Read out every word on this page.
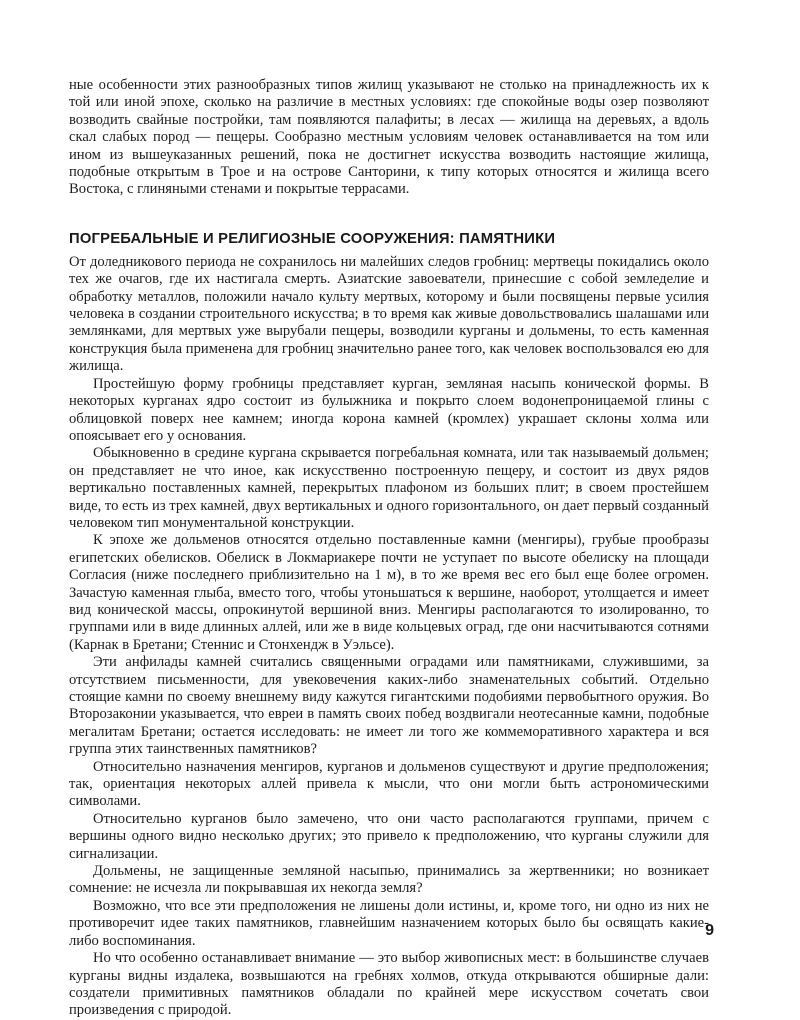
ные особенности этих разнообразных типов жилищ указывают не столько на принадлежность их к той или иной эпохе, сколько на различие в местных условиях: где спокойные воды озер позволяют возводить свайные постройки, там появляются палафиты; в лесах — жилища на деревьях, а вдоль скал слабых пород — пещеры. Сообразно местным условиям человек останавливается на том или ином из вышеуказанных решений, пока не достигнет искусства возводить настоящие жилища, подобные открытым в Трое и на острове Санторини, к типу которых относятся и жилища всего Востока, с глиняными стенами и покрытые террасами.

ПОГРЕБАЛЬНЫЕ И РЕЛИГИОЗНЫЕ СООРУЖЕНИЯ: ПАМЯТНИКИ

От доледникового периода не сохранилось ни малейших следов гробниц: мертвецы покидались около тех же очагов, где их настигала смерть. Азиатские завоеватели, принесшие с собой земледелие и обработку металлов, положили начало культу мертвых, которому и были посвящены первые усилия человека в создании строительного искусства; в то время как живые довольствовались шалашами или землянками, для мертвых уже вырубали пещеры, возводили курганы и дольмены, то есть каменная конструкция была применена для гробниц значительно ранее того, как человек воспользовался ею для жилища.

Простейшую форму гробницы представляет курган, земляная насыпь конической формы. В некоторых курганах ядро состоит из булыжника и покрыто слоем водонепроницаемой глины с облицовкой поверх нее камнем; иногда корона камней (кромлех) украшает склоны холма или опоясывает его у основания.

Обыкновенно в средине кургана скрывается погребальная комната, или так называемый дольмен; он представляет не что иное, как искусственно построенную пещеру, и состоит из двух рядов вертикально поставленных камней, перекрытых плафоном из больших плит; в своем простейшем виде, то есть из трех камней, двух вертикальных и одного горизонтального, он дает первый созданный человеком тип монументальной конструкции.

К эпохе же дольменов относятся отдельно поставленные камни (менгиры), грубые прообразы египетских обелисков. Обелиск в Локмариакере почти не уступает по высоте обелиску на площади Согласия (ниже последнего приблизительно на 1 м), в то же время вес его был еще более огромен. Зачастую каменная глыба, вместо того, чтобы утоньшаться к вершине, наоборот, утолщается и имеет вид конической массы, опрокинутой вершиной вниз. Менгиры располагаются то изолированно, то группами или в виде длинных аллей, или же в виде кольцевых оград, где они насчитываются сотнями (Карнак в Бретани; Стеннис и Стонхендж в Уэльсе).

Эти анфилады камней считались священными оградами или памятниками, служившими, за отсутствием письменности, для увековечения каких-либо знаменательных событий. Отдельно стоящие камни по своему внешнему виду кажутся гигантскими подобиями первобытного оружия. Во Второзаконии указывается, что евреи в память своих побед воздвигали неотесанные камни, подобные мегалитам Бретани; остается исследовать: не имеет ли того же коммеморативного характера и вся группа этих таинственных памятников?

Относительно назначения менгиров, курганов и дольменов существуют и другие предположения; так, ориентация некоторых аллей привела к мысли, что они могли быть астрономическими символами.

Относительно курганов было замечено, что они часто располагаются группами, причем с вершины одного видно несколько других; это привело к предположению, что курганы служили для сигнализации.

Дольмены, не защищенные земляной насыпью, принимались за жертвенники; но возникает сомнение: не исчезла ли покрывавшая их некогда земля?

Возможно, что все эти предположения не лишены доли истины, и, кроме того, ни одно из них не противоречит идее таких памятников, главнейшим назначением которых было бы освящать какие-либо воспоминания.

Но что особенно останавливает внимание — это выбор живописных мест: в большинстве случаев курганы видны издалека, возвышаются на гребнях холмов, откуда открываются обширные дали: создатели примитивных памятников обладали по крайней мере искусством сочетать свои произведения с природой.

9
